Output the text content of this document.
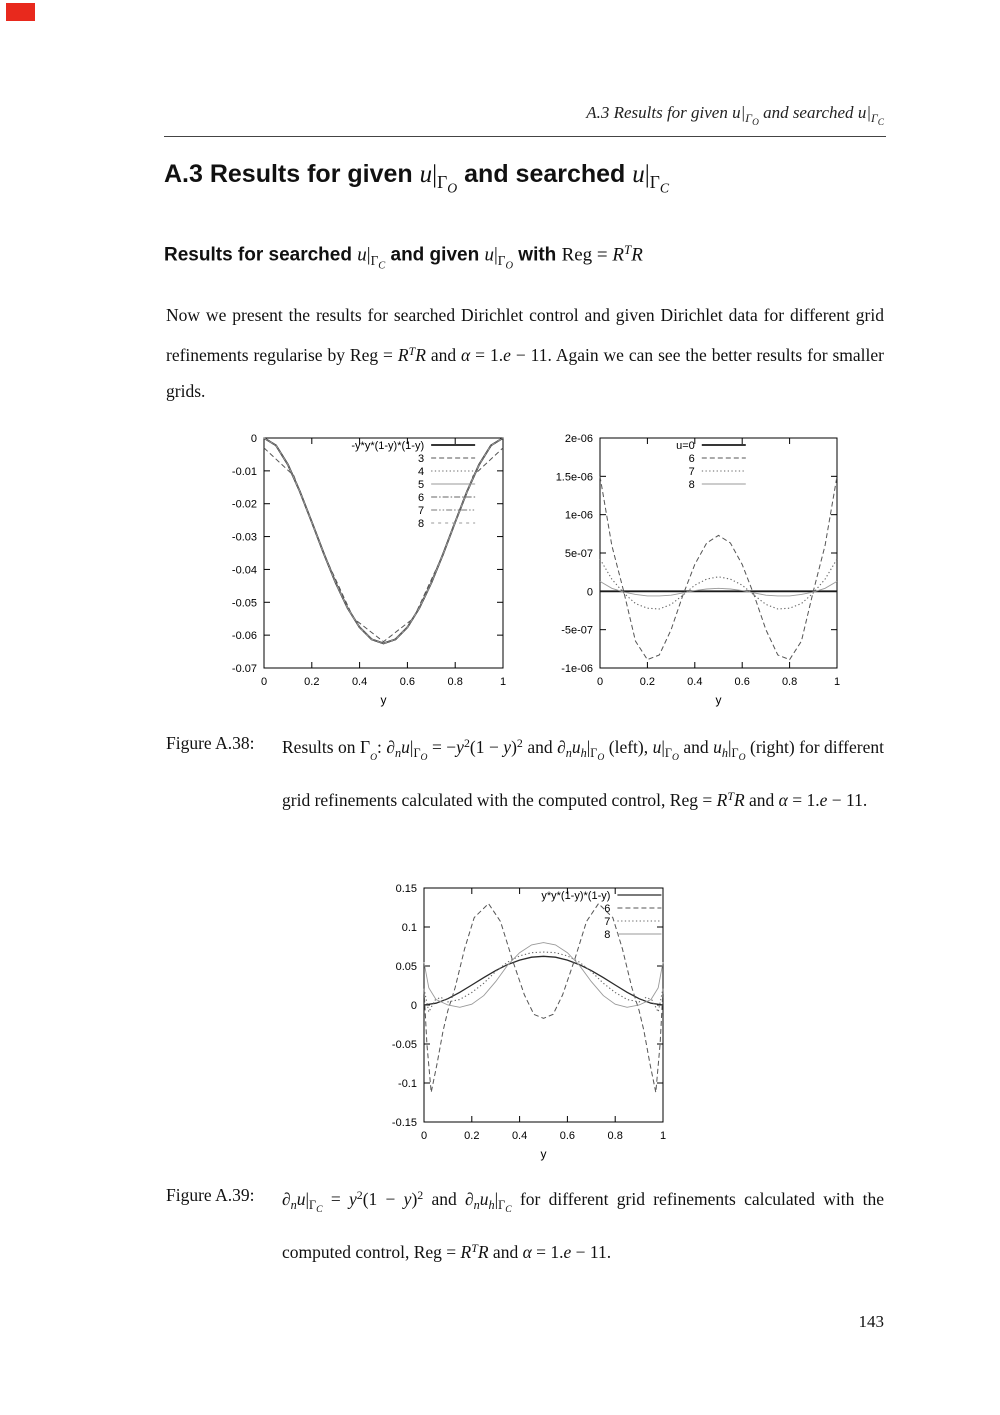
A.3 Results for given $u|_{\Gamma O}$ and searched $u|_{\Gamma C}$
A.3 Results for given $u|_{\Gamma O}$ and searched $u|_{\Gamma C}$
Results for searched $u|_{\Gamma C}$ and given $u|_{\Gamma O}$ with Reg = $R^TR$

Now we present the results for searched Dirichlet control and given Dirichlet data for different grid refinements regularise by Reg = $R^TR$ and α = 1.e − 11. Again we can see the better results for smaller grids.

0	0.2	0.4	0.6	0.8	1
0
-0.01
-0.02
-0.03
-0.04
-0.05
-0.06
-0.07
y
-y*y*(1-y)*(1-y)
3
4
5
6
7
8
0	0.2	0.4	0.6	0.8	1
-1e-06
-5e-07
0
5e-07
1e-06
1.5e-06
2e-06
y
u=0
6
7
8
Figure A.38: Results on $\Gamma_O$: $\partial_nu|_{\Gamma O} = -y^2(1 - y)^2$ and $\partial_nu_h|_{\Gamma O}$ (left), $u|_{\Gamma O}$ and $u_h|_{\Gamma O}$ (right) for different grid refinements calculated with the computed control, Reg = $R^TR$ and α = 1.e − 11.
0	0.2	0.4	0.6	0.8	1
-0.15
-0.1
-0.05
0
0.05
0.1
0.15
y
y*y*(1-y)*(1-y)
6
7
8
Figure A.39: $\partial_nu|_{\Gamma C} = y^2(1 - y)^2$ and $\partial_nu_h|_{\Gamma C}$ for different grid refinements calculated with the computed control, Reg = $R^TR$ and α = 1.e − 11.
143
